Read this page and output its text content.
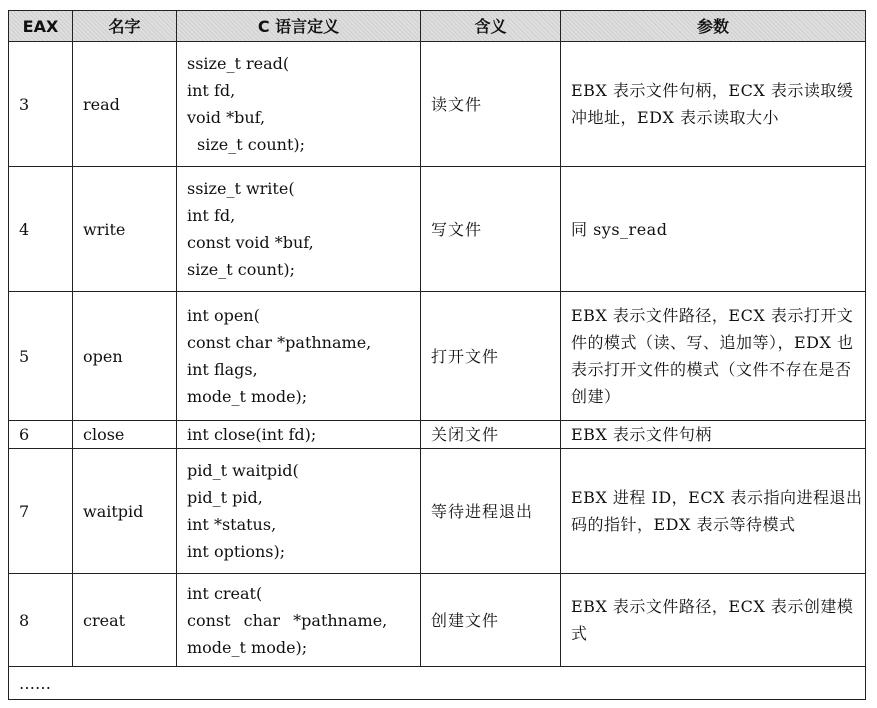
EAX	名字	C 语言定义	含义	参数
3	read	ssize_t read(
int fd,
void *buf,
size_t count);	读文件	EBX 表示文件句柄，ECX 表示读取缓冲地址，EDX 表示读取大小
4	write	ssize_t write(
int fd,
const void *buf,
size_t count);	写文件	同 sys_read
5	open	int open(
const char *pathname,
int flags,
mode_t mode);	打开文件	EBX 表示文件路径，ECX 表示打开文件的模式（读、写、追加等），EDX 也表示打开文件的模式（文件不存在是否创建）
6	close	int close(int fd);	关闭文件	EBX 表示文件句柄
7	waitpid	pid_t waitpid(
pid_t pid,
int *status,
int options);	等待进程退出	EBX 进程 ID，ECX 表示指向进程退出码的指针，EDX 表示等待模式
8	creat	int creat(
const char *pathname,
mode_t mode);	创建文件	EBX 表示文件路径，ECX 表示创建模式
……				
